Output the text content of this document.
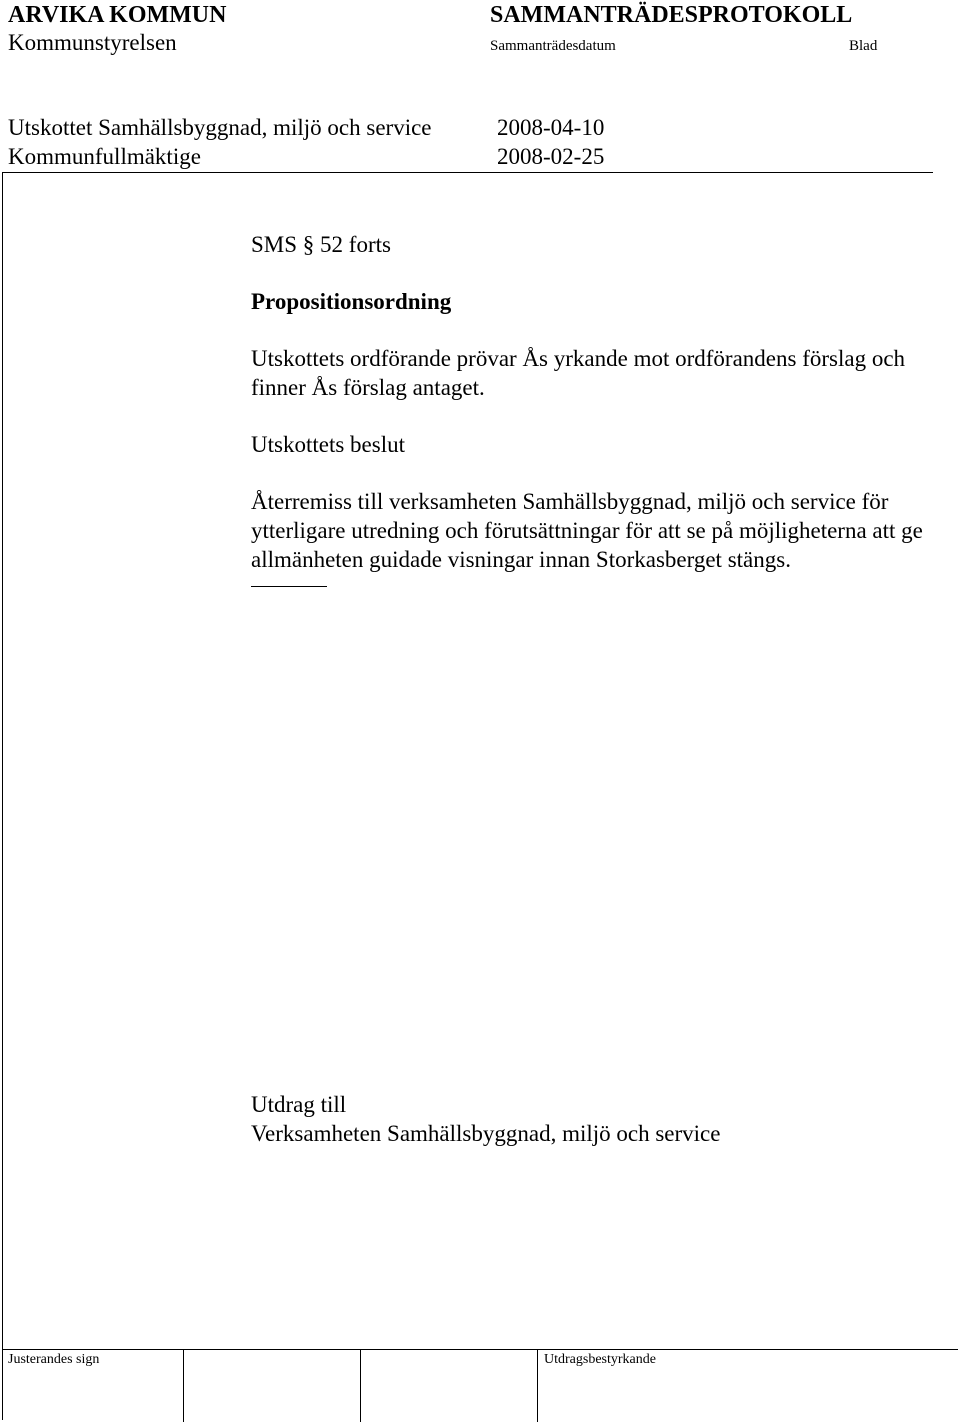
ARVIKA KOMMUN
Kommunstyrelsen
SAMMANTRÄDESPROTOKOLL
Sammanträdesdatum	Blad
Utskottet Samhällsbyggnad, miljö och service	2008-04-10
Kommunfullmäktige	2008-02-25

SMS § 52 forts

Propositionsordning

Utskottets ordförande prövar Ås yrkande mot ordförandens förslag och finner Ås förslag antaget.

Utskottets beslut

Återremiss till verksamheten Samhällsbyggnad, miljö och service för ytterligare utredning och förutsättningar för att se på möjligheterna att ge allmänheten guidade visningar innan Storkasberget stängs.

Utdrag till

Verksamheten Samhällsbyggnad, miljö och service

Justerandes sign	Utdragsbestyrkande
